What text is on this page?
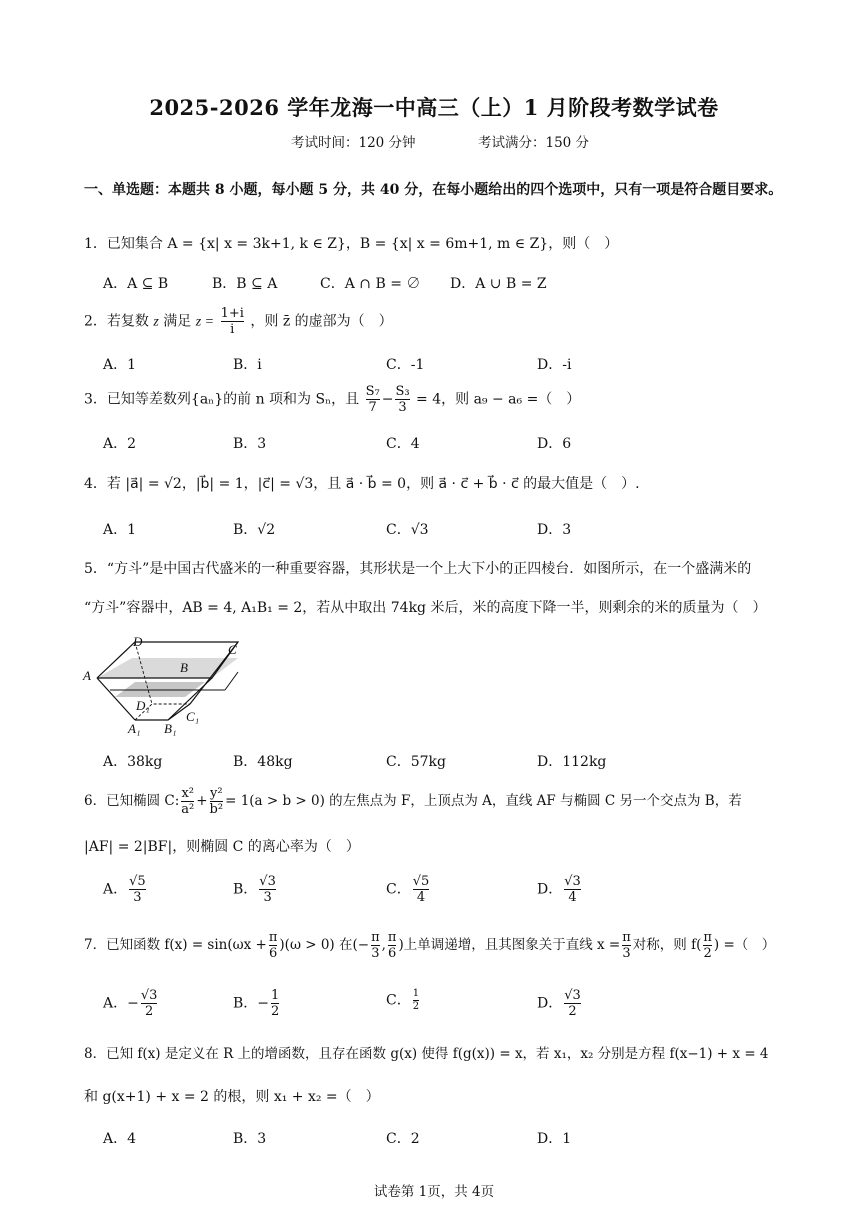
2025-2026 学年龙海一中高三（上）1 月阶段考数学试卷
考试时间：120 分钟	考试满分：150 分
一、单选题：本题共 8 小题，每小题 5 分，共 40 分，在每小题给出的四个选项中，只有一项是符合题目要求。
1．已知集合 A = {x| x = 3k+1, k ∈ Z}，B = {x| x = 6m+1, m ∈ Z}，则（　）
A．A ⊆ B	B．B ⊆ A	C．A ∩ B = ∅ D．A ∪ B = Z
2．若复数 z 满足 $z = \frac{1+i}{i}$ ，则 z̄ 的虚部为（　）
A．1	B．i	C．-1	D．-i
3．已知等差数列{aₙ}的前 n 项和为 Sₙ，且 $\frac{\text{S₇}}{7} - \frac{\text{S₃}}{3} = 4$，则 a₉ − a₆ =（　）
A．2	B．3	C．4	D．6
4．若 |a⃗| = √2，|b⃗| = 1，|c⃗| = √3，且 a⃗ · b⃗ = 0，则 a⃗ · c⃗ + b⃗ · c⃗ 的最大值是（　）.
A．1	B．√2	C．√3	D．3
5．“方斗”是中国古代盛米的一种重要容器，其形状是一个上大下小的正四棱台．如图所示，在一个盛满米的
“方斗”容器中，AB = 4, A₁B₁ = 2，若从中取出 74kg 米后，米的高度下降一半，则剩余的米的质量为（　）
A
B
C
D
A₁ B₁
C₁
D₁
A．38kg	B．48kg	C．57kg	D．112kg
6．已知椭圆 C: $\frac{\text{x²}}{\text{a²}} + \frac{\text{y²}}{\text{b²}} = 1(a > b > 0)$ 的左焦点为 F，上顶点为 A，直线 AF 与椭圆 C 另一个交点为 B，若
|AF| = 2|BF|，则椭圆 C 的离心率为（　）
A． $\frac{√5}{3}$	B． $\frac{√3}{3}$	C． $\frac{√5}{4}$	D． $\frac{√3}{4}$
7．已知函数 $f(x) = \sin(\omega x + \frac{\pi}{6} )(\omega > 0)$ 在(− $\frac{\pi}{3}$ , $\frac{\pi}{6}$ )上单调递增，且其图象关于直线 $x = \frac{\pi}{3}$ 对称，则 $f( \frac{\pi}{2}$ ) =（　）
A．− $\frac{√3}{2}$	B．− $\frac{1}{2}$	C． $\frac{1}{2}$	D． $\frac{√3}{2}$
8．已知 f(x) 是定义在 R 上的增函数，且存在函数 g(x) 使得 f(g(x)) = x，若 x₁，x₂ 分别是方程 f(x−1) + x = 4
和 g(x+1) + x = 2 的根，则 x₁ + x₂ =（　）
A．4	B．3	C．2	D．1
试卷第 1页，共 4页
